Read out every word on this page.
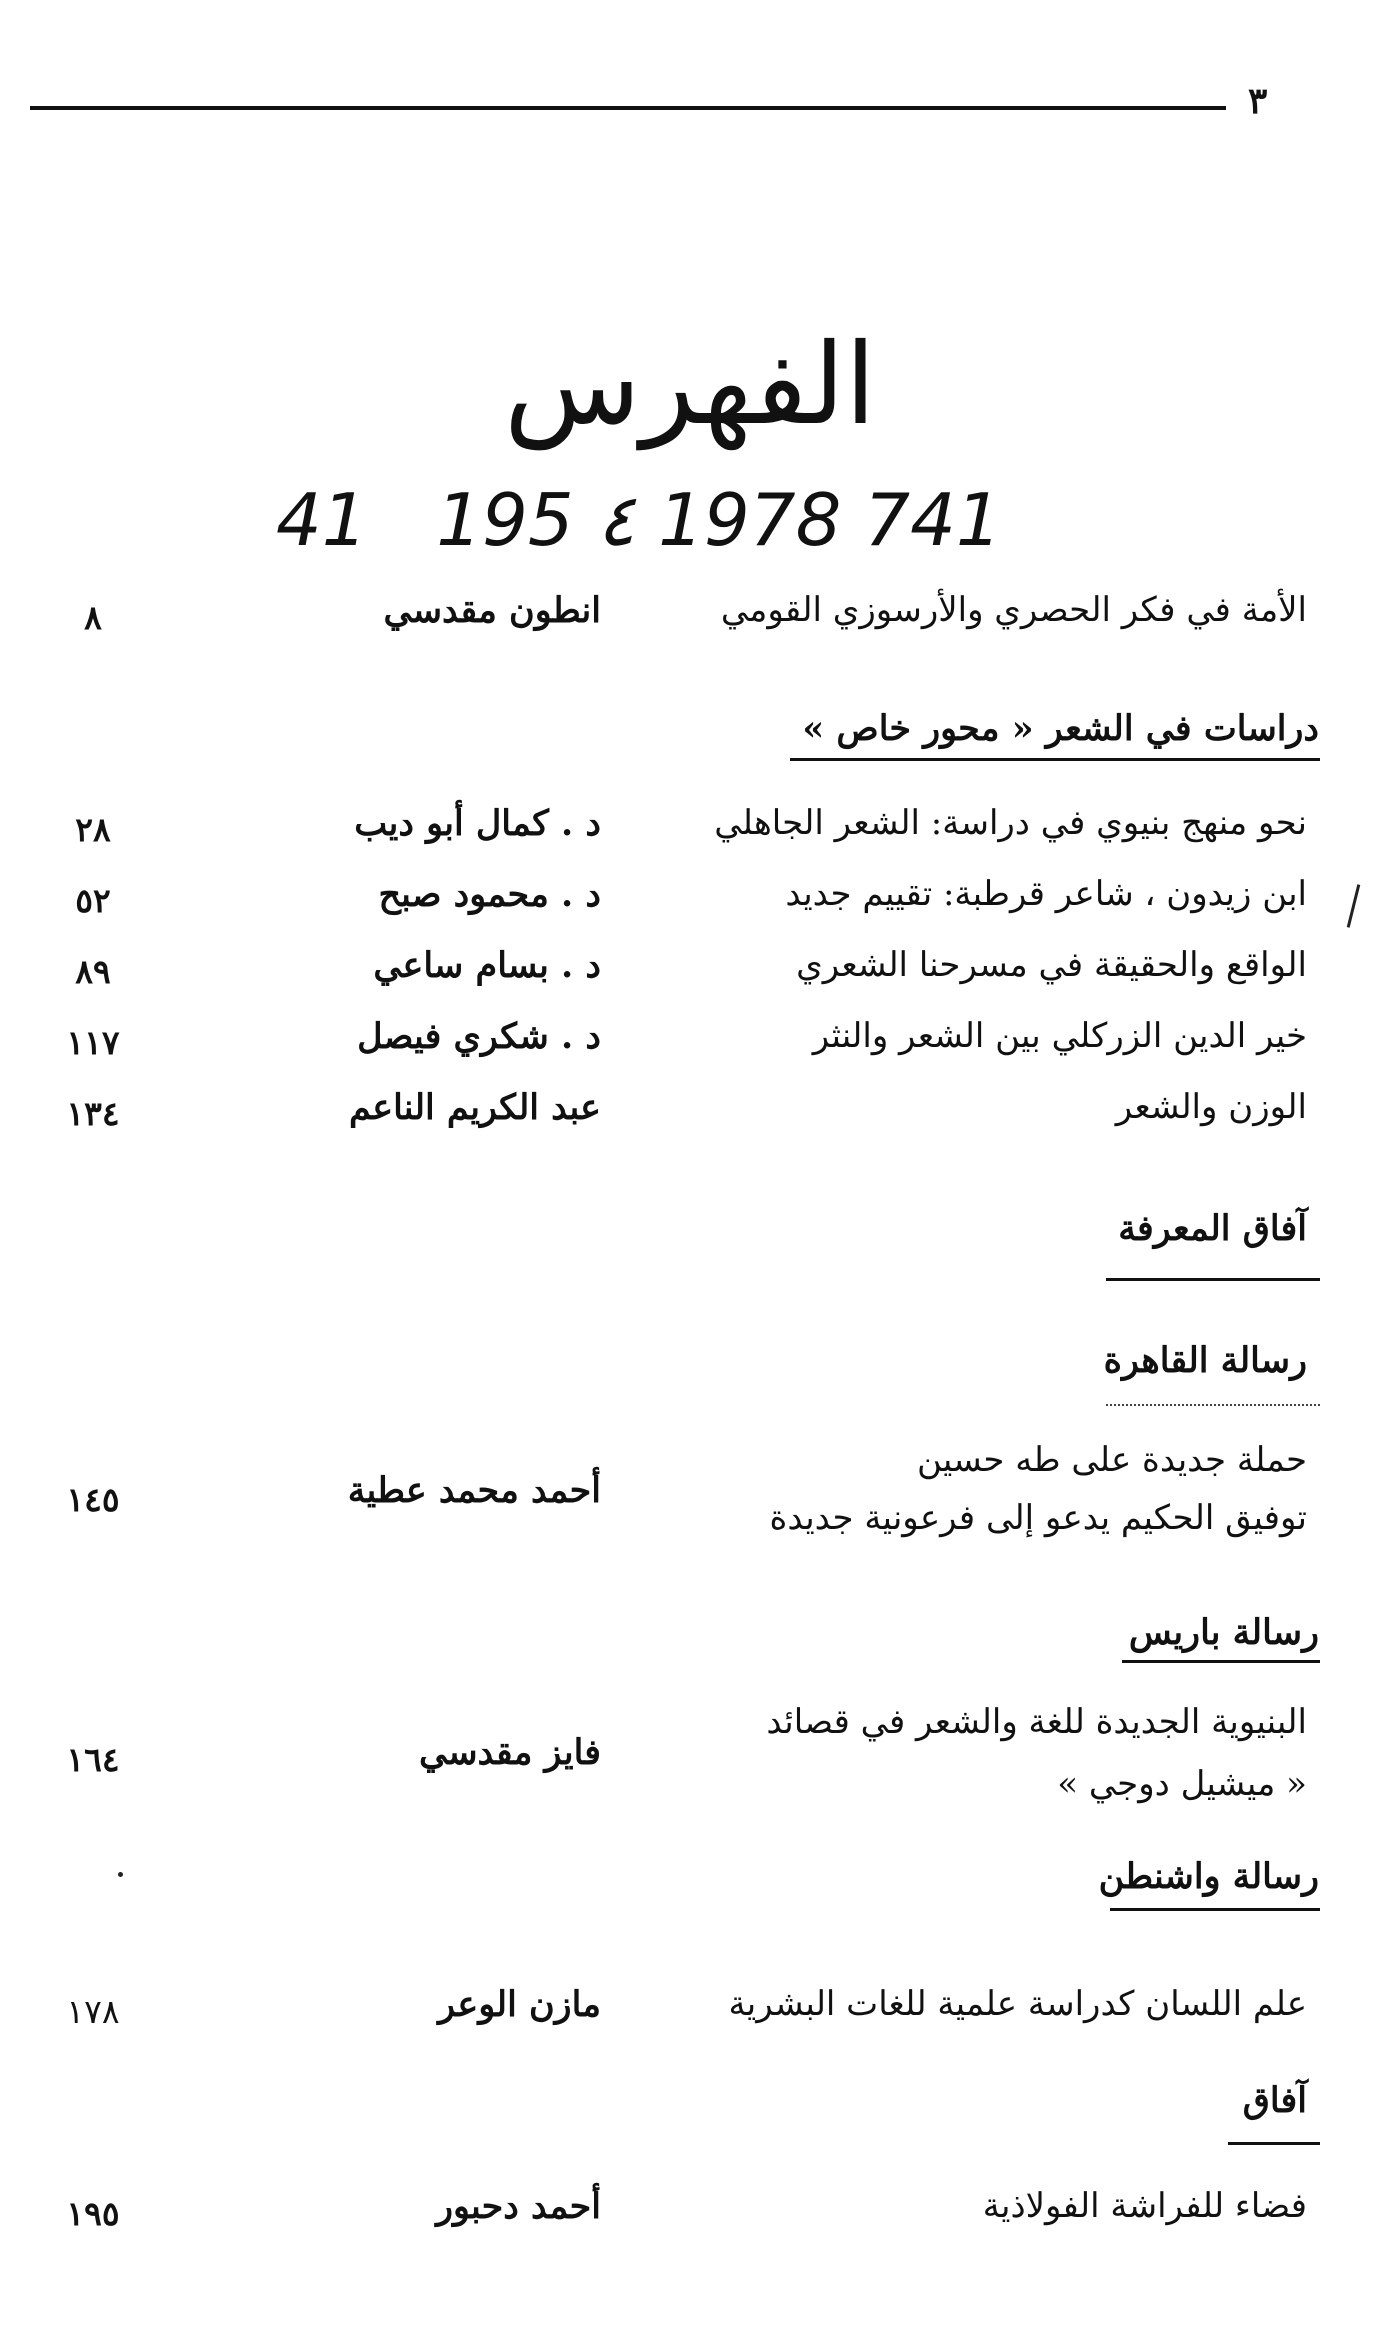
٣
الفهرس
41   195 ٤ 1978 741
الأمة في فكر الحصري والأرسوزي القومي
انطون مقدسي
٨
دراسات في الشعر « محور خاص »
نحو منهج بنيوي في دراسة: الشعر الجاهلي
د . كمال أبو ديب
٢٨
ابن زيدون ، شاعر قرطبة: تقييم جديد
د . محمود صبح
٥٢
الواقع والحقيقة في مسرحنا الشعري
د . بسام ساعي
٨٩
خير الدين الزركلي بين الشعر والنثر
د . شكري فيصل
١١٧
الوزن والشعر
عبد الكريم الناعم
١٣٤
آفاق المعرفة
رسالة القاهرة
حملة جديدة على طه حسين
توفيق الحكيم يدعو إلى فرعونية جديدة
أحمد محمد عطية
١٤٥
رسالة باريس
البنيوية الجديدة للغة والشعر في قصائد
« ميشيل دوجي »
فايز مقدسي
١٦٤
رسالة واشنطن
علم اللسان كدراسة علمية للغات البشرية
مازن الوعر
١٧٨
آفاق
فضاء للفراشة الفولاذية
أحمد دحبور
١٩٥
